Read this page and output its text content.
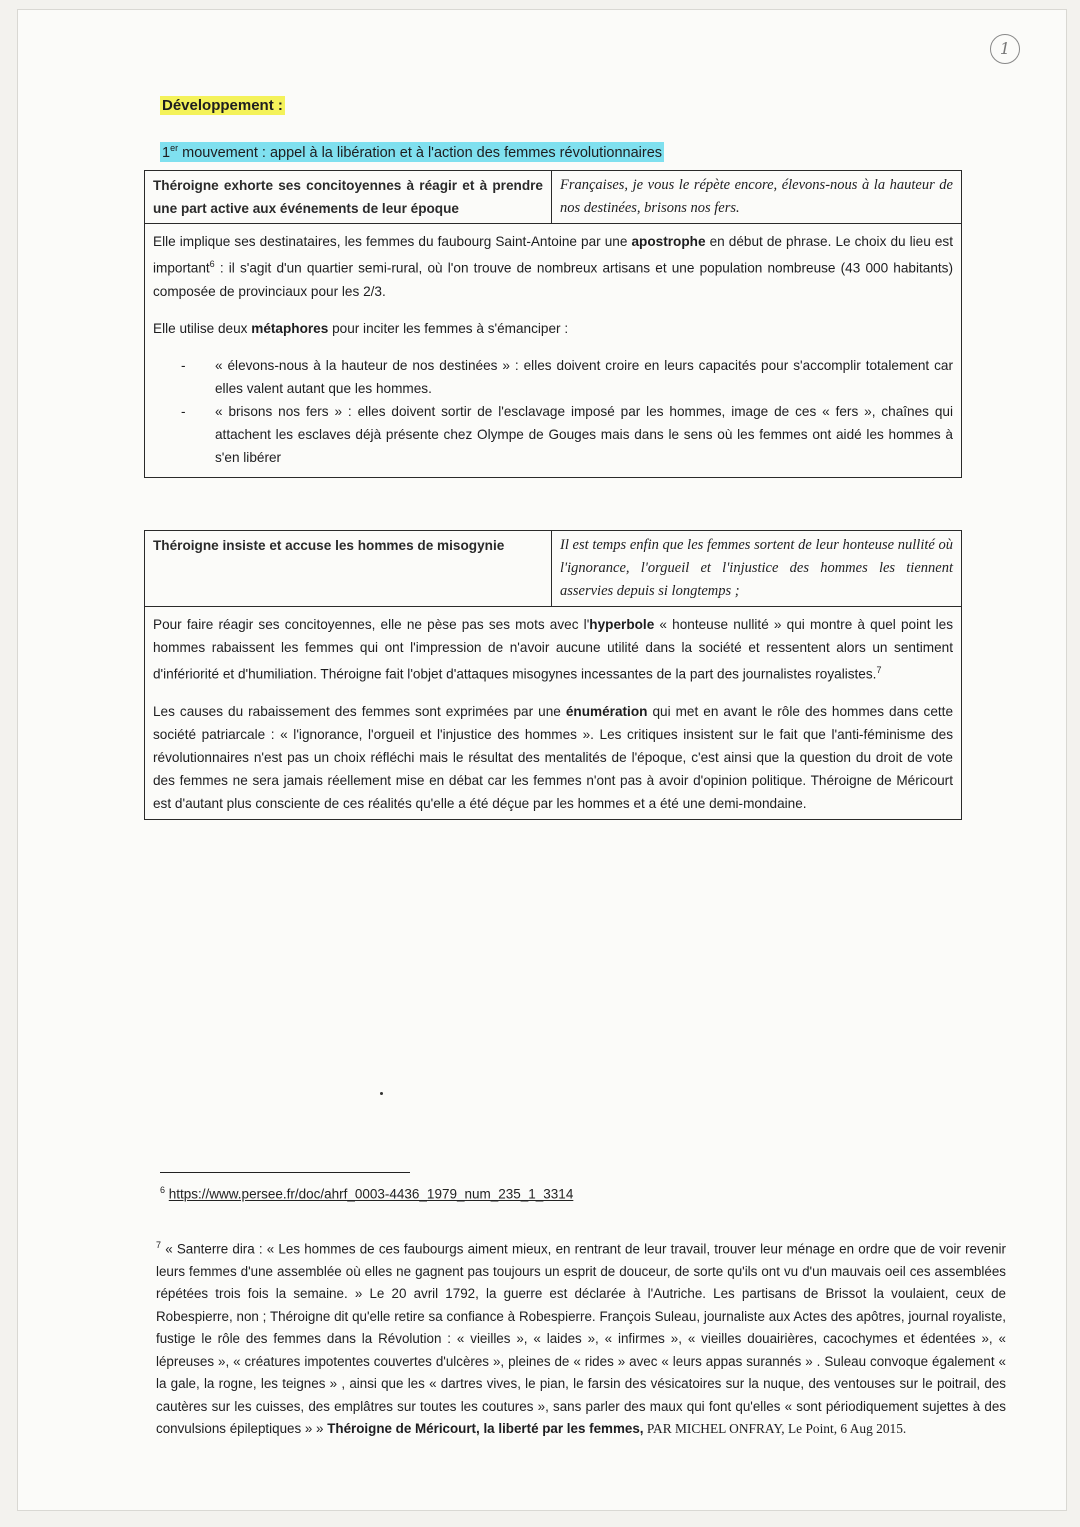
1
Développement :
1er mouvement : appel à la libération et à l'action des femmes révolutionnaires
Théroigne exhorte ses concitoyennes à réagir et à prendre une part active aux événements de leur époque	Françaises, je vous le répète encore, élevons-nous à la hauteur de nos destinées, brisons nos fers.

Elle implique ses destinataires, les femmes du faubourg Saint-Antoine par une apostrophe en début de phrase. Le choix du lieu est important$^6$ : il s'agit d'un quartier semi-rural, où l'on trouve de nombreux artisans et une population nombreuse (43 000 habitants) composée de provinciaux pour les 2/3.

Elle utilise deux métaphores pour inciter les femmes à s'émanciper :

- « élevons-nous à la hauteur de nos destinées » : elles doivent croire en leurs capacités pour s'accomplir totalement car elles valent autant que les hommes.
- « brisons nos fers » : elles doivent sortir de l'esclavage imposé par les hommes, image de ces « fers », chaînes qui attachent les esclaves déjà présente chez Olympe de Gouges mais dans le sens où les femmes ont aidé les hommes à s'en libérer
Théroigne insiste et accuse les hommes de misogynie	Il est temps enfin que les femmes sortent de leur honteuse nullité où l'ignorance, l'orgueil et l'injustice des hommes les tiennent asservies depuis si longtemps ;

Pour faire réagir ses concitoyennes, elle ne pèse pas ses mots avec l'hyperbole « honteuse nullité » qui montre à quel point les hommes rabaissent les femmes qui ont l'impression de n'avoir aucune utilité dans la société et ressentent alors un sentiment d'infériorité et d'humiliation. Théroigne fait l'objet d'attaques misogynes incessantes de la part des journalistes royalistes.$^7$

Les causes du rabaissement des femmes sont exprimées par une énumération qui met en avant le rôle des hommes dans cette société patriarcale : « l'ignorance, l'orgueil et l'injustice des hommes ». Les critiques insistent sur le fait que l'anti-féminisme des révolutionnaires n'est pas un choix réfléchi mais le résultat des mentalités de l'époque, c'est ainsi que la question du droit de vote des femmes ne sera jamais réellement mise en débat car les femmes n'ont pas à avoir d'opinion politique. Théroigne de Méricourt est d'autant plus consciente de ces réalités qu'elle a été déçue par les hommes et a été une demi-mondaine.

$^6$ https://www.persee.fr/doc/ahrf_0003-4436_1979_num_235_1_3314
$^7$ « Santerre dira : « Les hommes de ces faubourgs aiment mieux, en rentrant de leur travail, trouver leur ménage en ordre que de voir revenir leurs femmes d'une assemblée où elles ne gagnent pas toujours un esprit de douceur, de sorte qu'ils ont vu d'un mauvais oeil ces assemblées répétées trois fois la semaine. » Le 20 avril 1792, la guerre est déclarée à l'Autriche. Les partisans de Brissot la voulaient, ceux de Robespierre, non ; Théroigne dit qu'elle retire sa confiance à Robespierre. François Suleau, journaliste aux Actes des apôtres, journal royaliste, fustige le rôle des femmes dans la Révolution : « vieilles », « laides », « infirmes », « vieilles douairières, cacochymes et édentées », « lépreuses », « créatures impotentes couvertes d'ulcères », pleines de « rides » avec « leurs appas surannés » . Suleau convoque également « la gale, la rogne, les teignes » , ainsi que les « dartres vives, le pian, le farsin des vésicatoires sur la nuque, des ventouses sur le poitrail, des cautères sur les cuisses, des emplâtres sur toutes les coutures », sans parler des maux qui font qu'elles « sont périodiquement sujettes à des convulsions épileptiques » » Théroigne de Méricourt, la liberté par les femmes, PAR MICHEL ONFRAY, Le Point, 6 Aug 2015.
